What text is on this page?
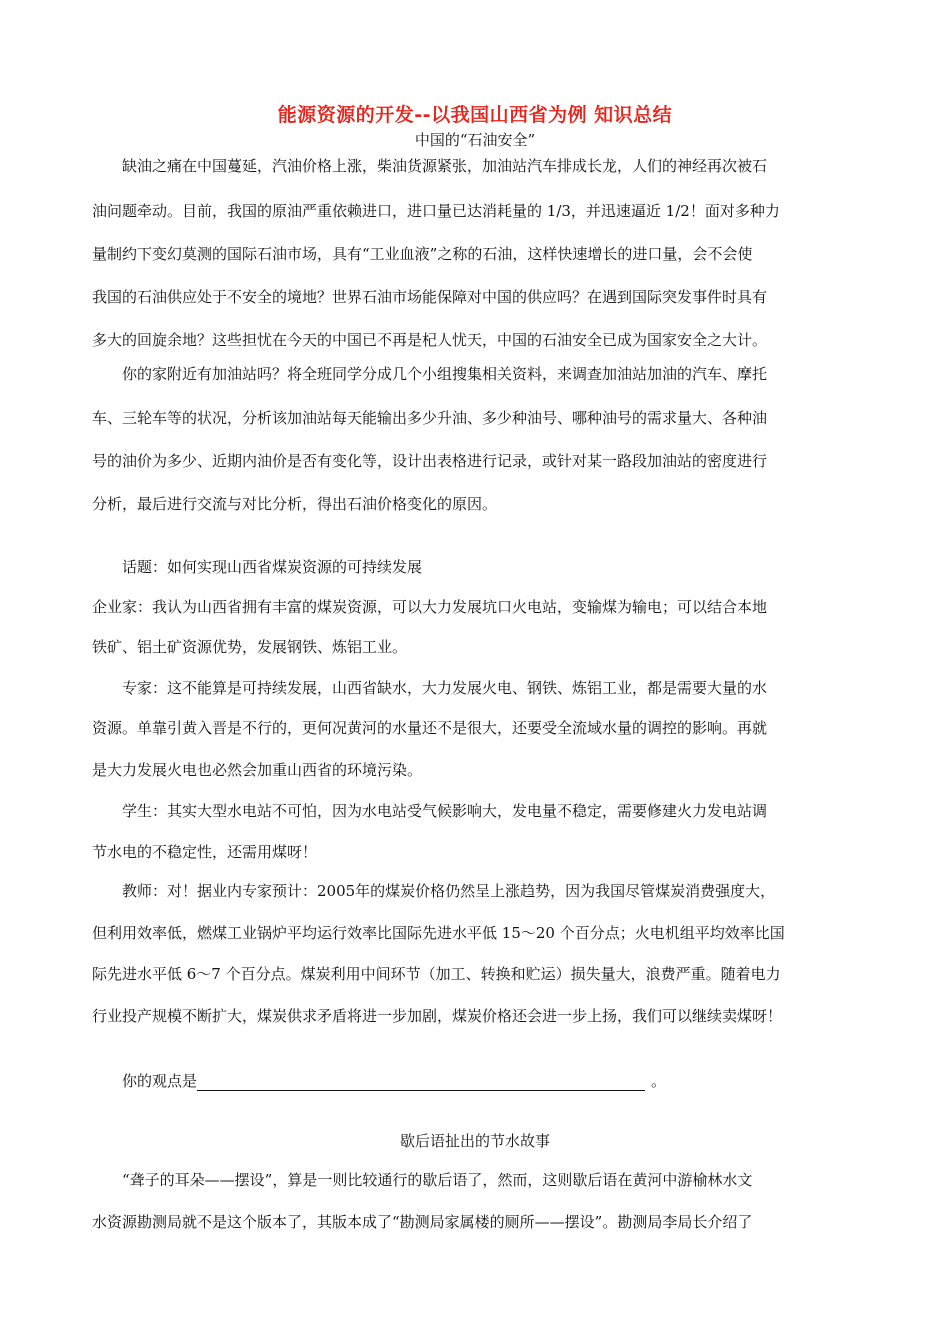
能源资源的开发--以我国山西省为例 知识总结
中国的“石油安全”
缺油之痛在中国蔓延，汽油价格上涨，柴油货源紧张，加油站汽车排成长龙，人们的神经再次被石
油问题牵动。目前，我国的原油严重依赖进口，进口量已达消耗量的 1/3，并迅速逼近 1/2！面对多种力
量制约下变幻莫测的国际石油市场，具有“工业血液”之称的石油，这样快速增长的进口量，会不会使
我国的石油供应处于不安全的境地？世界石油市场能保障对中国的供应吗？在遇到国际突发事件时具有
多大的回旋余地？这些担忧在今天的中国已不再是杞人忧天，中国的石油安全已成为国家安全之大计。
你的家附近有加油站吗？将全班同学分成几个小组搜集相关资料，来调查加油站加油的汽车、摩托
车、三轮车等的状况，分析该加油站每天能输出多少升油、多少种油号、哪种油号的需求量大、各种油
号的油价为多少、近期内油价是否有变化等，设计出表格进行记录，或针对某一路段加油站的密度进行
分析，最后进行交流与对比分析，得出石油价格变化的原因。
话题：如何实现山西省煤炭资源的可持续发展
企业家：我认为山西省拥有丰富的煤炭资源，可以大力发展坑口火电站，变输煤为输电；可以结合本地
铁矿、铝土矿资源优势，发展钢铁、炼铝工业。
专家：这不能算是可持续发展，山西省缺水，大力发展火电、钢铁、炼铝工业，都是需要大量的水
资源。单靠引黄入晋是不行的，更何况黄河的水量还不是很大，还要受全流域水量的调控的影响。再就
是大力发展火电也必然会加重山西省的环境污染。
学生：其实大型水电站不可怕，因为水电站受气候影响大，发电量不稳定，需要修建火力发电站调
节水电的不稳定性，还需用煤呀！
教师：对！据业内专家预计：2005年的煤炭价格仍然呈上涨趋势，因为我国尽管煤炭消费强度大，
但利用效率低，燃煤工业锅炉平均运行效率比国际先进水平低 15～20 个百分点；火电机组平均效率比国
际先进水平低 6～7 个百分点。煤炭利用中间环节（加工、转换和贮运）损失量大，浪费严重。随着电力
行业投产规模不断扩大，煤炭供求矛盾将进一步加剧，煤炭价格还会进一步上扬，我们可以继续卖煤呀！
你的观点是	。
歇后语扯出的节水故事
“聋子的耳朵——摆设”，算是一则比较通行的歇后语了，然而，这则歇后语在黄河中游榆林水文
水资源勘测局就不是这个版本了，其版本成了“勘测局家属楼的厕所——摆设”。勘测局李局长介绍了
